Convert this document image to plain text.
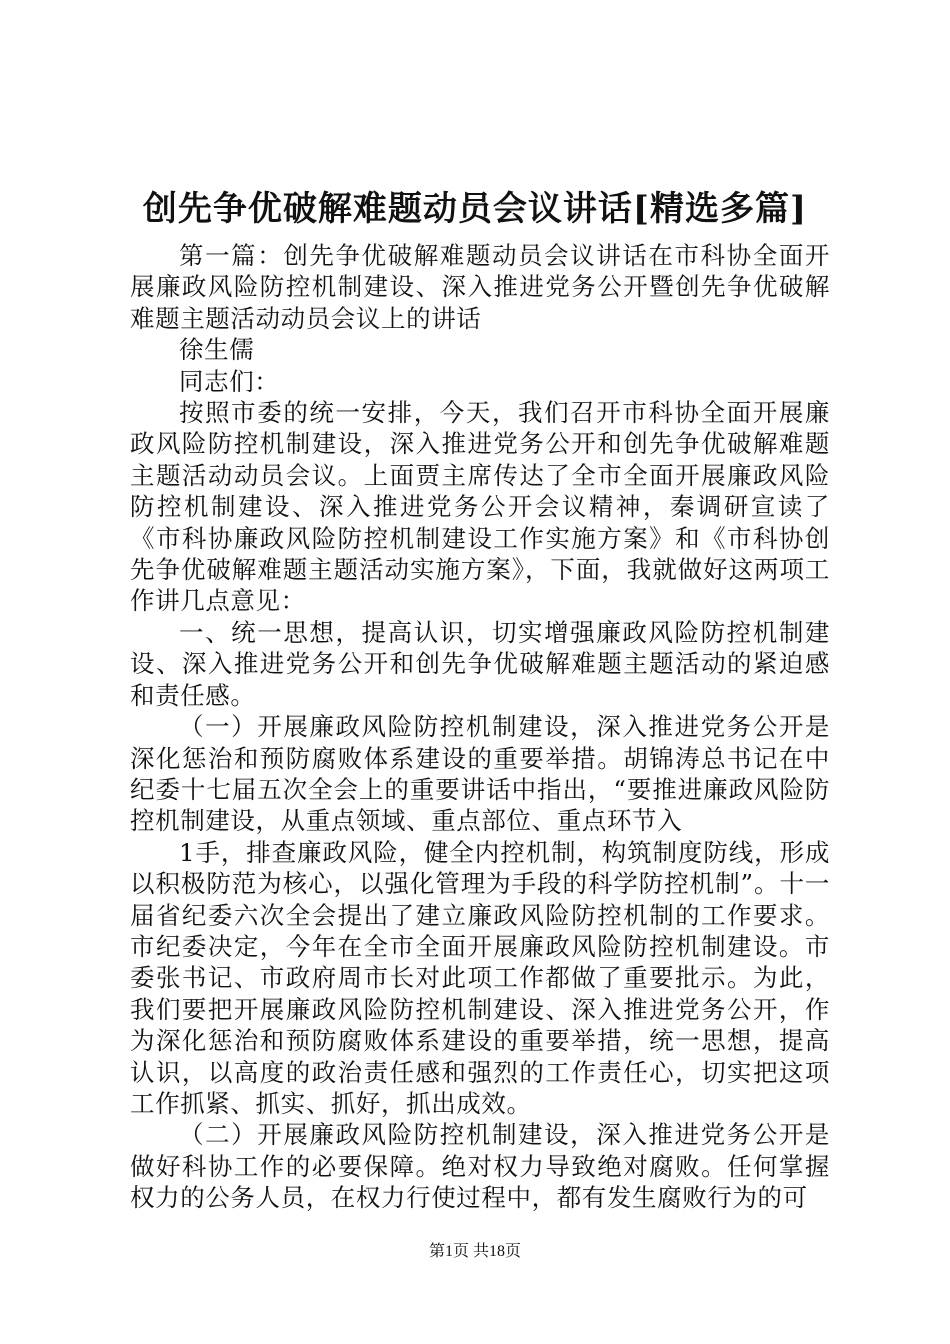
创先争优破解难题动员会议讲话[精选多篇]

第一篇：创先争优破解难题动员会议讲话在市科协全面开展廉政风险防控机制建设、深入推进党务公开暨创先争优破解难题主题活动动员会议上的讲话

徐生儒

同志们：

按照市委的统一安排，今天，我们召开市科协全面开展廉政风险防控机制建设，深入推进党务公开和创先争优破解难题主题活动动员会议。上面贾主席传达了全市全面开展廉政风险防控机制建设、深入推进党务公开会议精神，秦调研宣读了《市科协廉政风险防控机制建设工作实施方案》和《市科协创先争优破解难题主题活动实施方案》，下面，我就做好这两项工作讲几点意见：

一、统一思想，提高认识，切实增强廉政风险防控机制建设、深入推进党务公开和创先争优破解难题主题活动的紧迫感和责任感。

（一）开展廉政风险防控机制建设，深入推进党务公开是深化惩治和预防腐败体系建设的重要举措。胡锦涛总书记在中纪委十七届五次全会上的重要讲话中指出，“要推进廉政风险防控机制建设，从重点领域、重点部位、重点环节入

1手，排查廉政风险，健全内控机制，构筑制度防线，形成以积极防范为核心，以强化管理为手段的科学防控机制”。十一届省纪委六次全会提出了建立廉政风险防控机制的工作要求。市纪委决定，今年在全市全面开展廉政风险防控机制建设。市委张书记、市政府周市长对此项工作都做了重要批示。为此，我们要把开展廉政风险防控机制建设、深入推进党务公开，作为深化惩治和预防腐败体系建设的重要举措，统一思想，提高认识，以高度的政治责任感和强烈的工作责任心，切实把这项工作抓紧、抓实、抓好，抓出成效。

（二）开展廉政风险防控机制建设，深入推进党务公开是做好科协工作的必要保障。绝对权力导致绝对腐败。任何掌握权力的公务人员，在权力行使过程中，都有发生腐败行为的可

第1页 共18页
